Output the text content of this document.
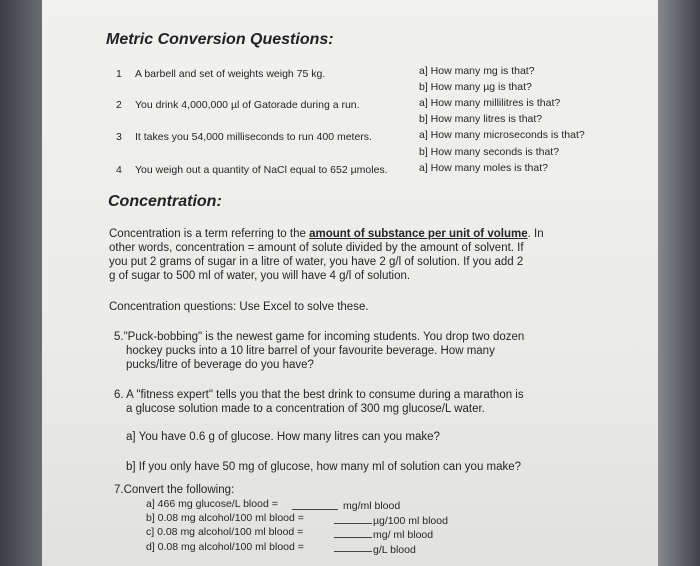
Metric Conversion Questions:
1 A barbell and set of weights weigh 75 kg.	a] How many mg is that?
b] How many µg is that?
2 You drink 4,000,000 µl of Gatorade during a run.	a] How many millilitres is that?
b] How many litres is that?
3 It takes you 54,000 milliseconds to run 400 meters.	a] How many microseconds is that?
b] How many seconds is that?
4 You weigh out a quantity of NaCl equal to 652 µmoles.	a] How many moles is that?
Concentration:
Concentration is a term referring to the amount of substance per unit of volume. In
other words, concentration = amount of solute divided by the amount of solvent. If
you put 2 grams of sugar in a litre of water, you have 2 g/l of solution. If you add 2
g of sugar to 500 ml of water, you will have 4 g/l of solution.
Concentration questions: Use Excel to solve these.
5."Puck-bobbing" is the newest game for incoming students. You drop two dozen
hockey pucks into a 10 litre barrel of your favourite beverage. How many
pucks/litre of beverage do you have?
6. A "fitness expert" tells you that the best drink to consume during a marathon is
a glucose solution made to a concentration of 300 mg glucose/L water.
a] You have 0.6 g of glucose. How many litres can you make?
b] If you only have 50 mg of glucose, how many ml of solution can you make?
7.Convert the following:
a] 466 mg glucose/L blood =	mg/ml blood
b] 0.08 mg alcohol/100 ml blood =	µg/100 ml blood
c] 0.08 mg alcohol/100 ml blood =	mg/ ml blood
d] 0.08 mg alcohol/100 ml blood =	g/L blood
